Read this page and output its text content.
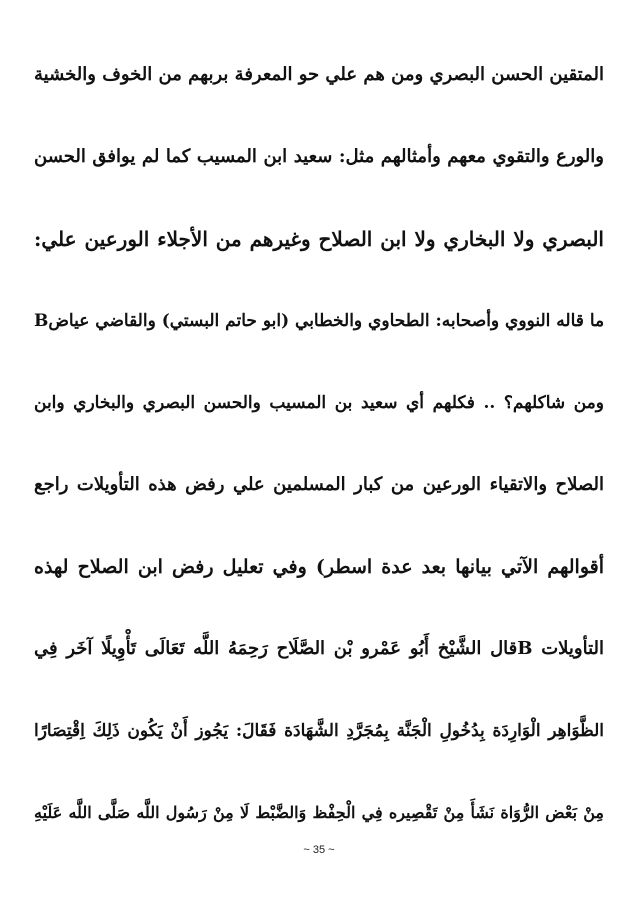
المتقين الحسن البصري ومن هم علي حو المعرفة بربهم من الخوف والخشية
والورع والتقوي معهم وأمثالهم مثل: سعيد ابن المسيب كما لم يوافق الحسن
البصري ولا البخاري ولا ابن الصلاح وغيرهم من الأجلاء الورعين علي:
Bما قاله النووي وأصحابه: الطحاوي والخطابي (ابو حاتم البستي) والقاضي عياض
ومن شاكلهم؟ .. فكلهم أي سعيد بن المسيب والحسن البصري والبخاري وابن
الصلاح والاتقياء الورعين من كبار المسلمين علي رفض هذه التأويلات راجع
أقوالهم الآتي بيانها بعد عدة اسطر) وفي تعليل رفض ابن الصلاح لهذه
التأويلات Bقال الشَّيْخ أَبُو عَمْرو بْن الصَّلَاح رَحِمَهُ اللَّه تَعَالَى تَأْوِيلًا آخَر فِي
الظَّوَاهِر الْوَارِدَة بِدُخُولِ الْجَنَّة بِمُجَرَّدِ الشَّهَادَة فَقَالَ: يَجُوز أَنْ يَكُون ذَلِكَ اِقْتِصَارًا
مِنْ بَعْض الرُّوَاة نَشَأَ مِنْ تَقْصِيره فِي الْحِفْظ وَالضَّبْط لَا مِنْ رَسُول اللَّه صَلَّى اللَّه عَلَيْهِ
~ 35 ~
